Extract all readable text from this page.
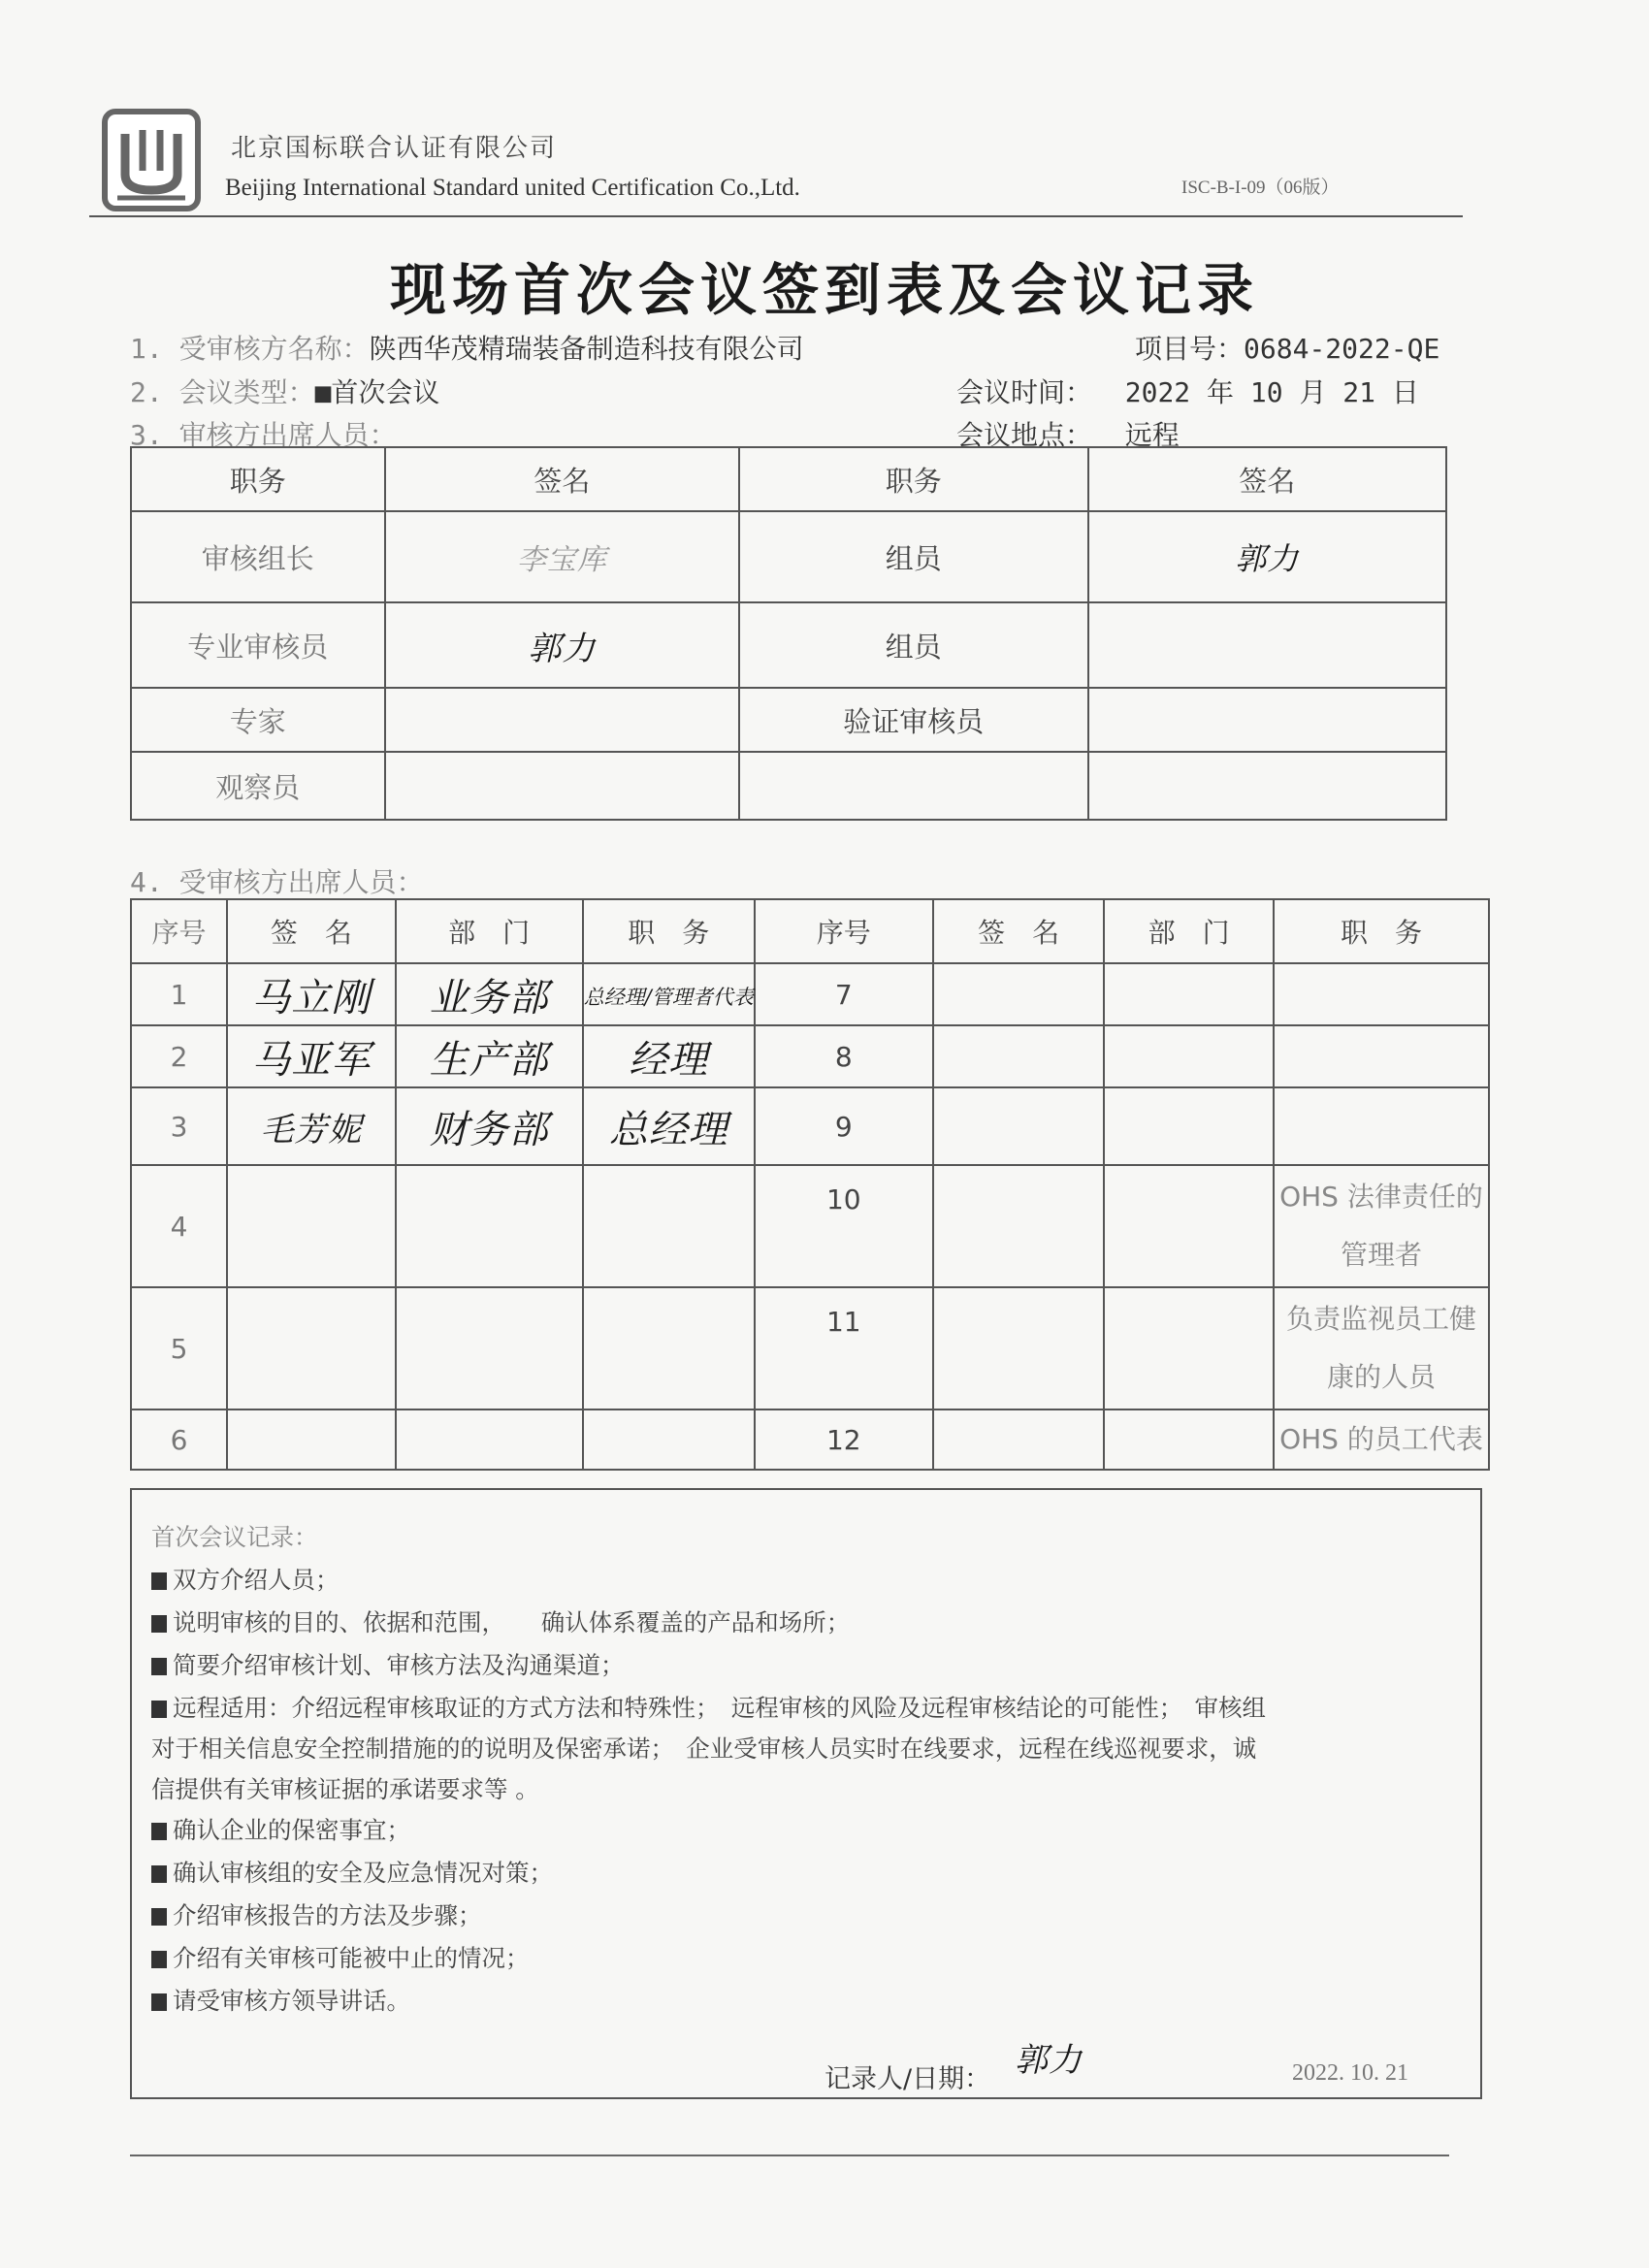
北京国标联合认证有限公司
Beijing International Standard united Certification Co.,Ltd.	ISC-B-I-09（06版）
现场首次会议签到表及会议记录
1. 受审核方名称：陕西华茂精瑞装备制造科技有限公司	项目号：0684-2022-QE
2. 会议类型：■首次会议	会议时间： 2022 年 10 月 21 日
3. 审核方出席人员：	会议地点： 远程
职务	签名	职务	签名
审核组长	李宝库	组员	郭力
专业审核员	郭力	组员	
专家		验证审核员	
观察员			
4. 受审核方出席人员：
序号	签　名	部　门	职　务	序号	签　名	部　门	职　务
1	马立刚	业务部	总经理/管理者代表	7			
2	马亚军	生产部	经理	8			
3	毛芳妮	财务部	总经理	9			
4				10			OHS 法律责任的管理者
5				11			负责监视员工健康的人员
6				12			OHS 的员工代表
首次会议记录：
双方介绍人员；
说明审核的目的、依据和范围，　　确认体系覆盖的产品和场所；
简要介绍审核计划、审核方法及沟通渠道；
远程适用：介绍远程审核取证的方式方法和特殊性；　远程审核的风险及远程审核结论的可能性；　审核组
对于相关信息安全控制措施的的说明及保密承诺；　企业受审核人员实时在线要求，远程在线巡视要求，诚
信提供有关审核证据的承诺要求等 。
确认企业的保密事宜；
确认审核组的安全及应急情况对策；
介绍审核报告的方法及步骤；
介绍有关审核可能被中止的情况；
请受审核方领导讲话。
记录人/日期： 郭力	2022. 10. 21
